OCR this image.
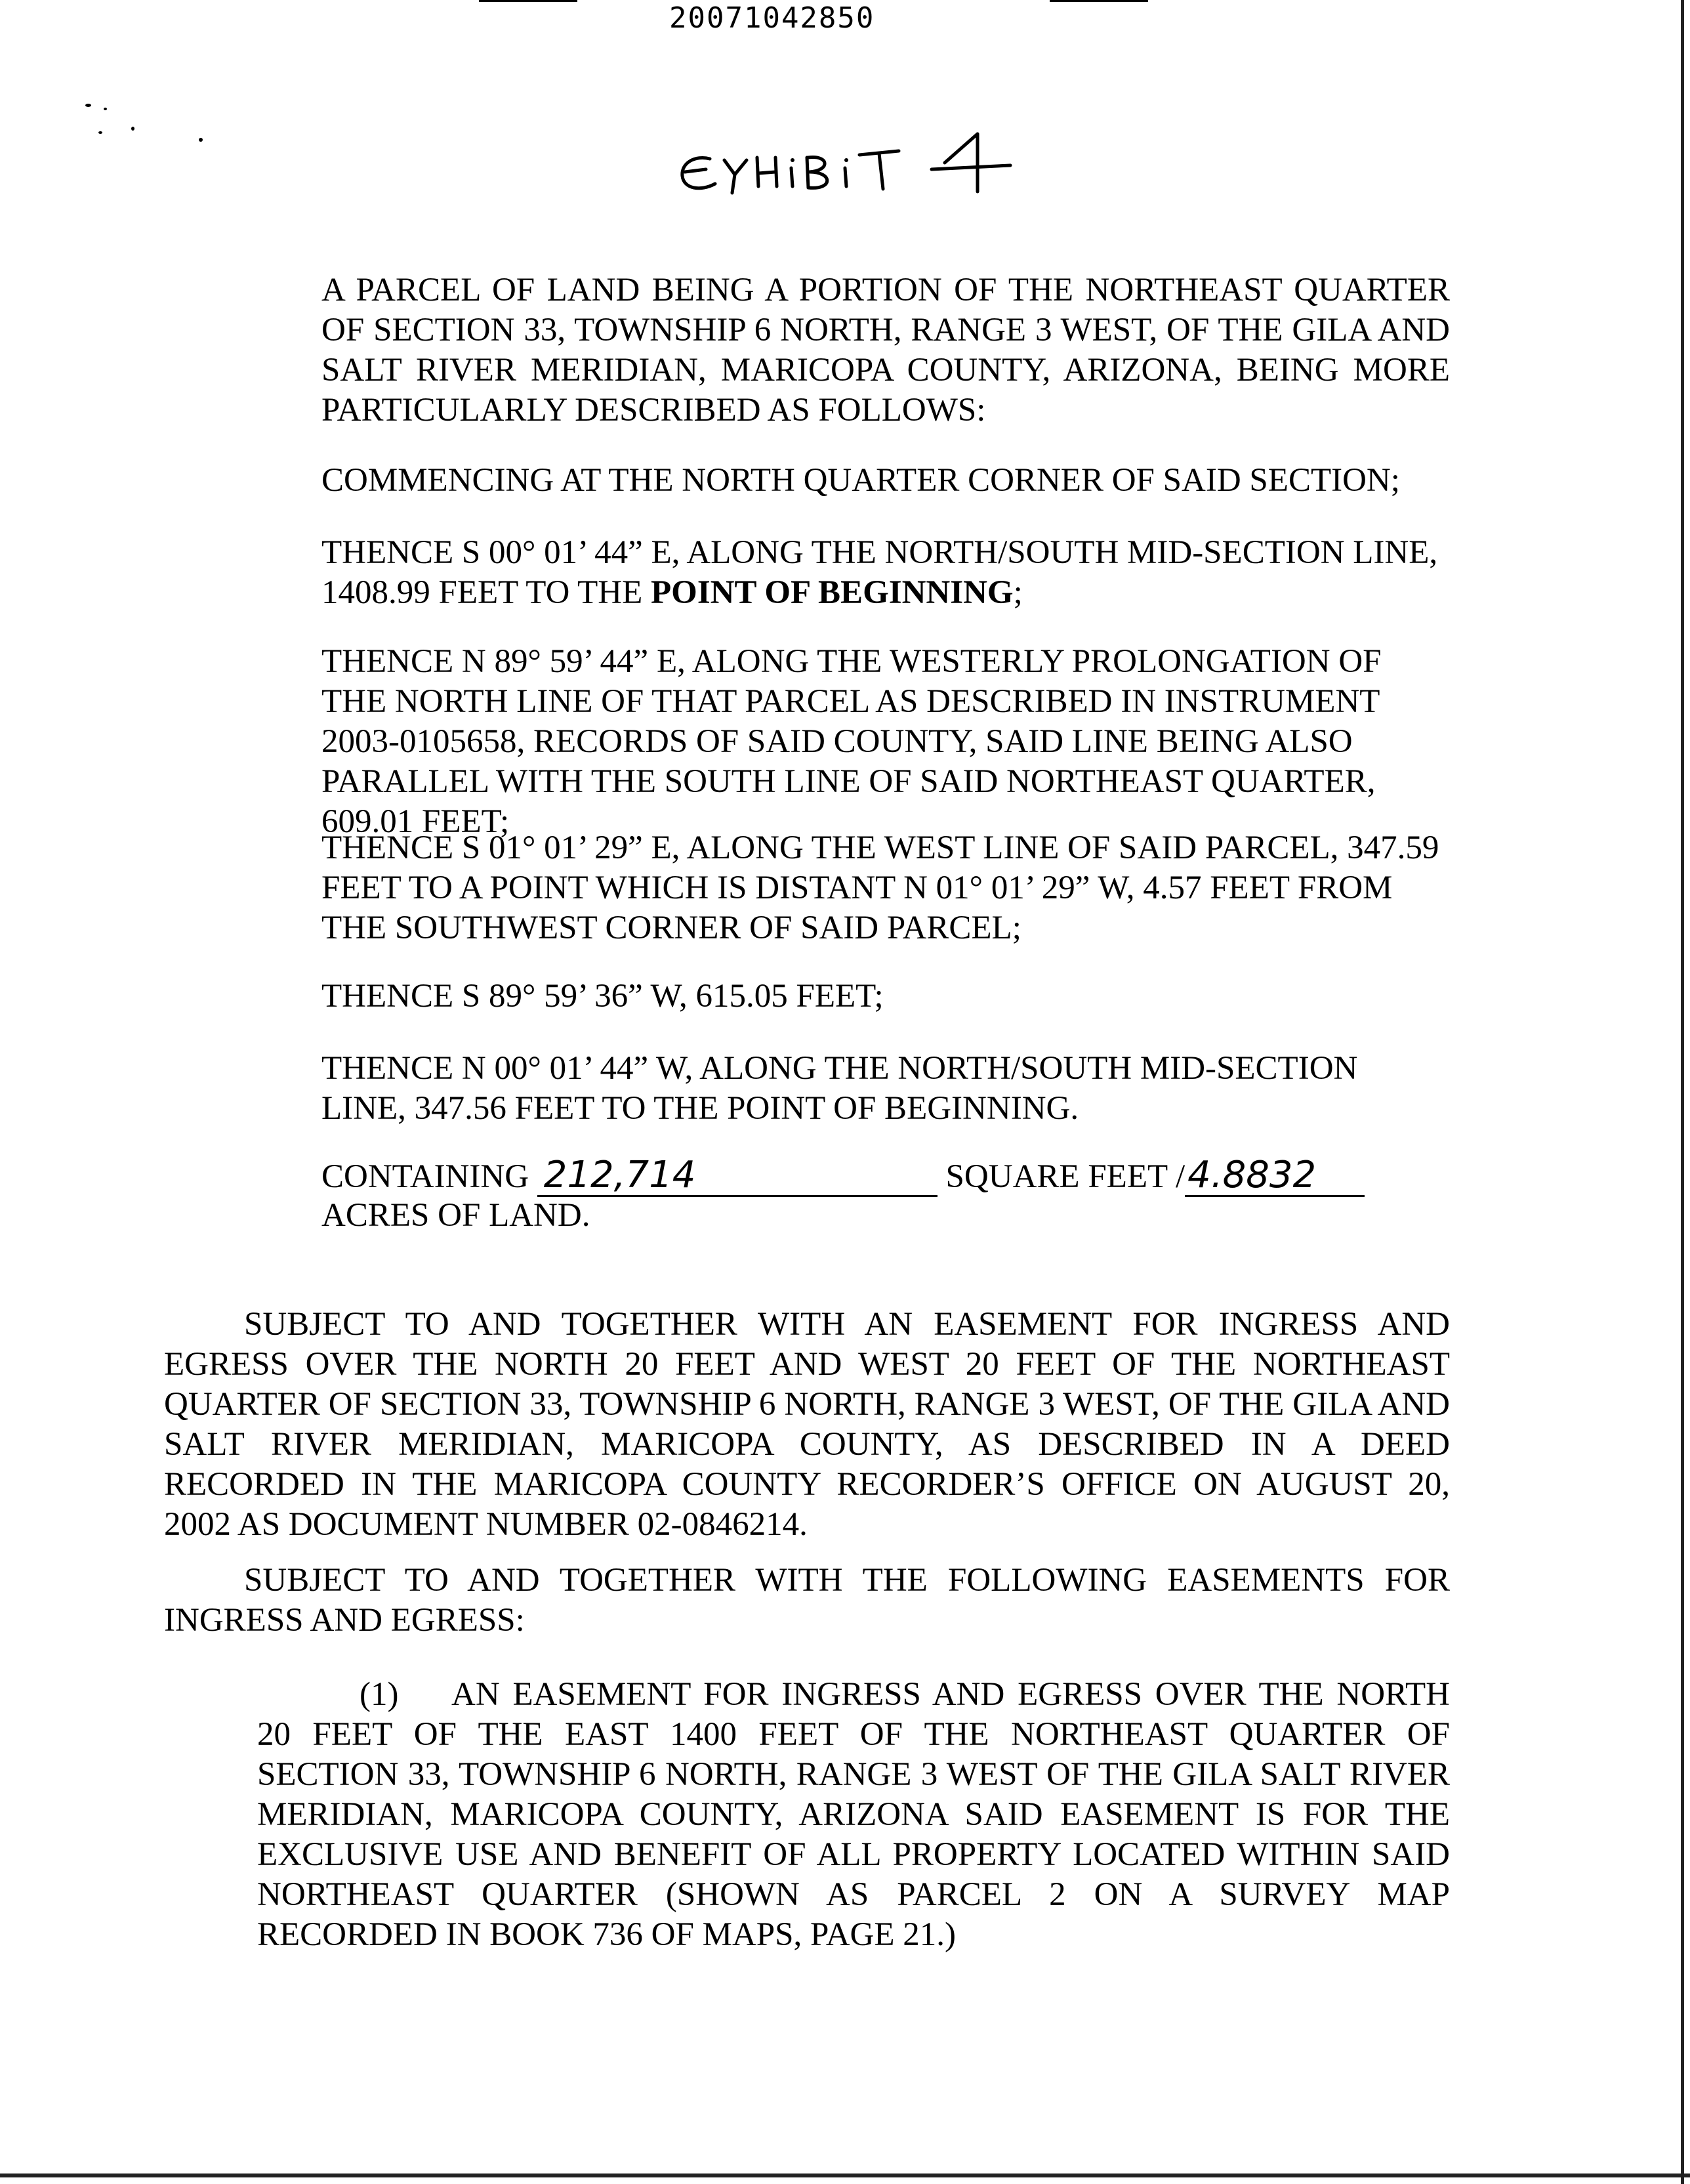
20071042850
A PARCEL OF LAND BEING A PORTION OF THE NORTHEAST QUARTER OF SECTION 33, TOWNSHIP 6 NORTH, RANGE 3 WEST, OF THE GILA AND SALT RIVER MERIDIAN, MARICOPA COUNTY, ARIZONA, BEING MORE PARTICULARLY DESCRIBED AS FOLLOWS:
COMMENCING AT THE NORTH QUARTER CORNER OF SAID SECTION;
THENCE S 00° 01’ 44” E, ALONG THE NORTH/SOUTH MID-SECTION LINE, 1408.99 FEET TO THE POINT OF BEGINNING;
THENCE N 89° 59’ 44” E, ALONG THE WESTERLY PROLONGATION OF THE NORTH LINE OF THAT PARCEL AS DESCRIBED IN INSTRUMENT 2003-0105658, RECORDS OF SAID COUNTY, SAID LINE BEING ALSO PARALLEL WITH THE SOUTH LINE OF SAID NORTHEAST QUARTER, 609.01 FEET;
THENCE S 01° 01’ 29” E, ALONG THE WEST LINE OF SAID PARCEL, 347.59 FEET TO A POINT WHICH IS DISTANT N 01° 01’ 29” W, 4.57 FEET FROM THE SOUTHWEST CORNER OF SAID PARCEL;
THENCE S 89° 59’ 36” W, 615.05 FEET;
THENCE N 00° 01’ 44” W, ALONG THE NORTH/SOUTH MID-SECTION LINE, 347.56 FEET TO THE POINT OF BEGINNING.
CONTAINING 212,714	SQUARE FEET /4.8832
ACRES OF LAND.
SUBJECT TO AND TOGETHER WITH AN EASEMENT FOR INGRESS AND EGRESS OVER THE NORTH 20 FEET AND WEST 20 FEET OF THE NORTHEAST QUARTER OF SECTION 33, TOWNSHIP 6 NORTH, RANGE 3 WEST, OF THE GILA AND SALT RIVER MERIDIAN, MARICOPA COUNTY, AS DESCRIBED IN A DEED RECORDED IN THE MARICOPA COUNTY RECORDER’S OFFICE ON AUGUST 20, 2002 AS DOCUMENT NUMBER 02-0846214.
SUBJECT TO AND TOGETHER WITH THE FOLLOWING EASEMENTS FOR INGRESS AND EGRESS:
(1) AN EASEMENT FOR INGRESS AND EGRESS OVER THE NORTH 20 FEET OF THE EAST 1400 FEET OF THE NORTHEAST QUARTER OF SECTION 33, TOWNSHIP 6 NORTH, RANGE 3 WEST OF THE GILA SALT RIVER MERIDIAN, MARICOPA COUNTY, ARIZONA SAID EASEMENT IS FOR THE EXCLUSIVE USE AND BENEFIT OF ALL PROPERTY LOCATED WITHIN SAID NORTHEAST QUARTER (SHOWN AS PARCEL 2 ON A SURVEY MAP RECORDED IN BOOK 736 OF MAPS, PAGE 21.)
